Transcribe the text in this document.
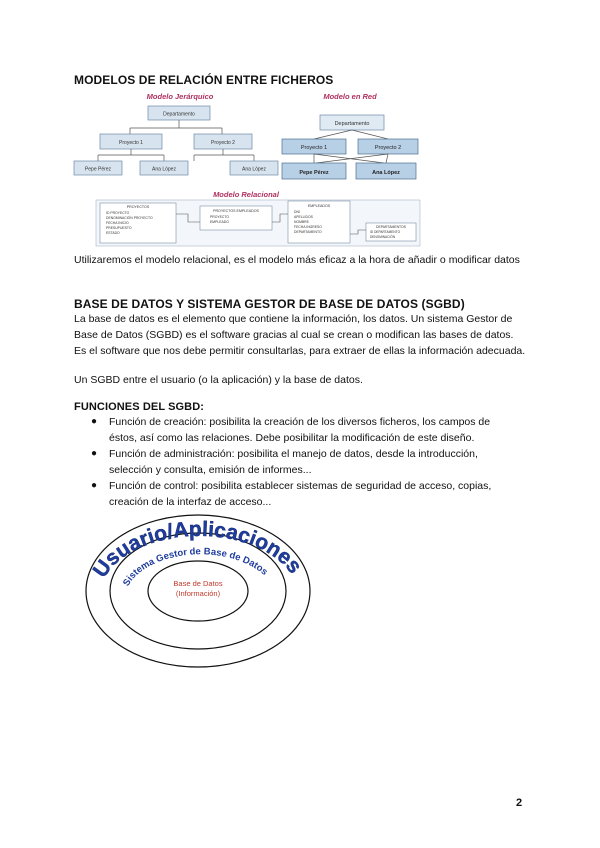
MODELOS DE RELACIÓN ENTRE FICHEROS
Modelo Jerárquico
Departamento
Proyecto 1	Proyecto 2
Pepe Pérez	Ana López	Ana López
Modelo en Red
Departamento
Proyecto 1	Proyecto 2
Pepe Pérez	Ana López
Modelo Relacional
PROYECTOS
ID PROYECTO
DENOMINACIÓN PROYECTO
FECHA INICIO
PRESUPUESTO
ESTADO
PROYECTOS EMPLEADOS
PROYECTO
EMPLEADO
EMPLEADOS
DNI
APELLIDOS
NOMBRE
FECHA INGRESO
DEPARTAMENTO
DEPARTAMENTOS
ID DEPARTAMENTO
DENOMINACIÓN

Utilizaremos el modelo relacional, es el modelo más eficaz a la hora de añadir o modificar datos

BASE DE DATOS Y SISTEMA GESTOR DE BASE DE DATOS (SGBD)

La base de datos es el elemento que contiene la información, los datos. Un sistema Gestor de Base de Datos (SGBD) es el software gracias al cual se crean o modifican las bases de datos. Es el software que nos debe permitir consultarlas, para extraer de ellas la información adecuada.

Un SGBD entre el usuario (o la aplicación) y la base de datos.

FUNCIONES DEL SGBD:
● Función de creación: posibilita la creación de los diversos ficheros, los campos de éstos, así como las relaciones. Debe posibilitar la modificación de este diseño.
● Función de administración: posibilita el manejo de datos, desde la introducción, selección y consulta, emisión de informes...
● Función de control: posibilita establecer sistemas de seguridad de acceso, copias, creación de la interfaz de acceso...
Usuario/Aplicaciones
Sistema Gestor de Base de Datos
Base de Datos
(Información)
2
